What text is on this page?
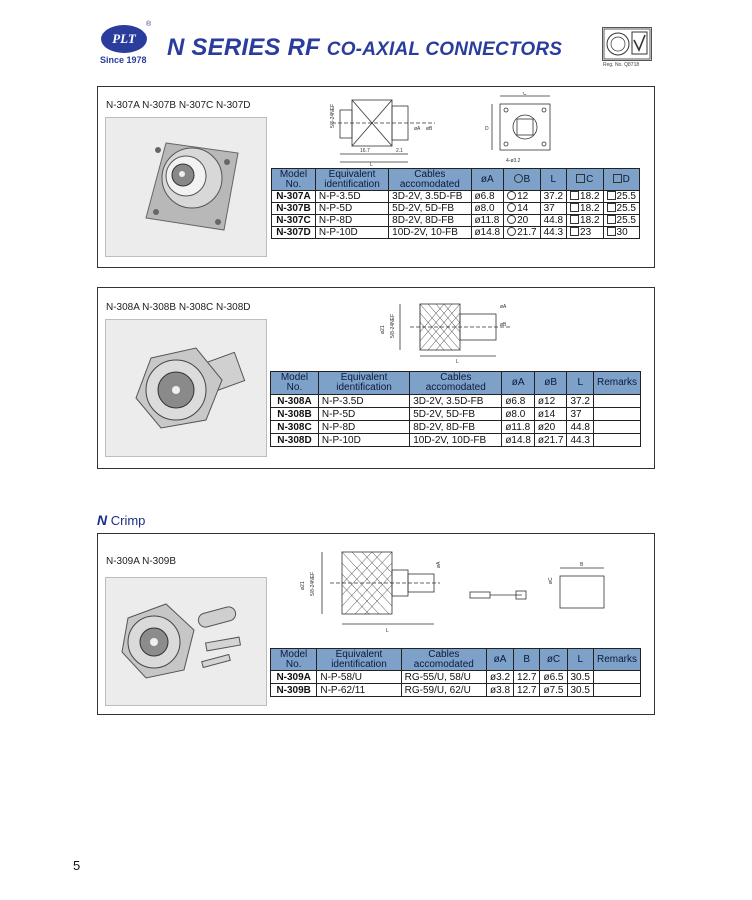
PLT
®
Since 1978 N SERIES RF CO-AXIAL CONNECTORS
Reg. No. Q8718
N-307A N-307B N-307C N-307D	5/8-24NEF
øA øB
16.7	2.1
L
C
D
4-ø3.2
Model No.	Equivalent identification	Cables accomodated	øA	B	L	C	D
N-307A	N-P-3.5D	3D-2V, 3.5D-FB	ø6.8	12	37.2	18.2	25.5
N-307B	N-P-5D	5D-2V, 5D-FB	ø8.0	14	37	18.2	25.5
N-307C	N-P-8D	8D-2V, 8D-FB	ø11.8	20	44.8	18.2	25.5
N-307D	N-P-10D	10D-2V, 10-FB	ø14.8	21.7	44.3	23	30
N-308A N-308B N-308C N-308D
ø21 5/8-24NEF
øA
øB
L
Model No.	Equivalent identification	Cables accomodated	øA	øB	L	Remarks
N-308A	N-P-3.5D	3D-2V, 3.5D-FB	ø6.8	ø12	37.2	
N-308B	N-P-5D	5D-2V, 5D-FB	ø8.0	ø14	37	
N-308C	N-P-8D	8D-2V, 8D-FB	ø11.8	ø20	44.8	
N-308D	N-P-10D	10D-2V, 10D-FB	ø14.8	ø21.7	44.3	
N Crimp
N-309A N-309B
ø21 5/8-24NEF
øA
L
øC
B
Model No.	Equivalent identification	Cables accomodated	øA	B	øC	L	Remarks
N-309A	N-P-58/U	RG-55/U, 58/U	ø3.2	12.7	ø6.5	30.5	
N-309B	N-P-62/11	RG-59/U, 62/U	ø3.8	12.7	ø7.5	30.5	
5
